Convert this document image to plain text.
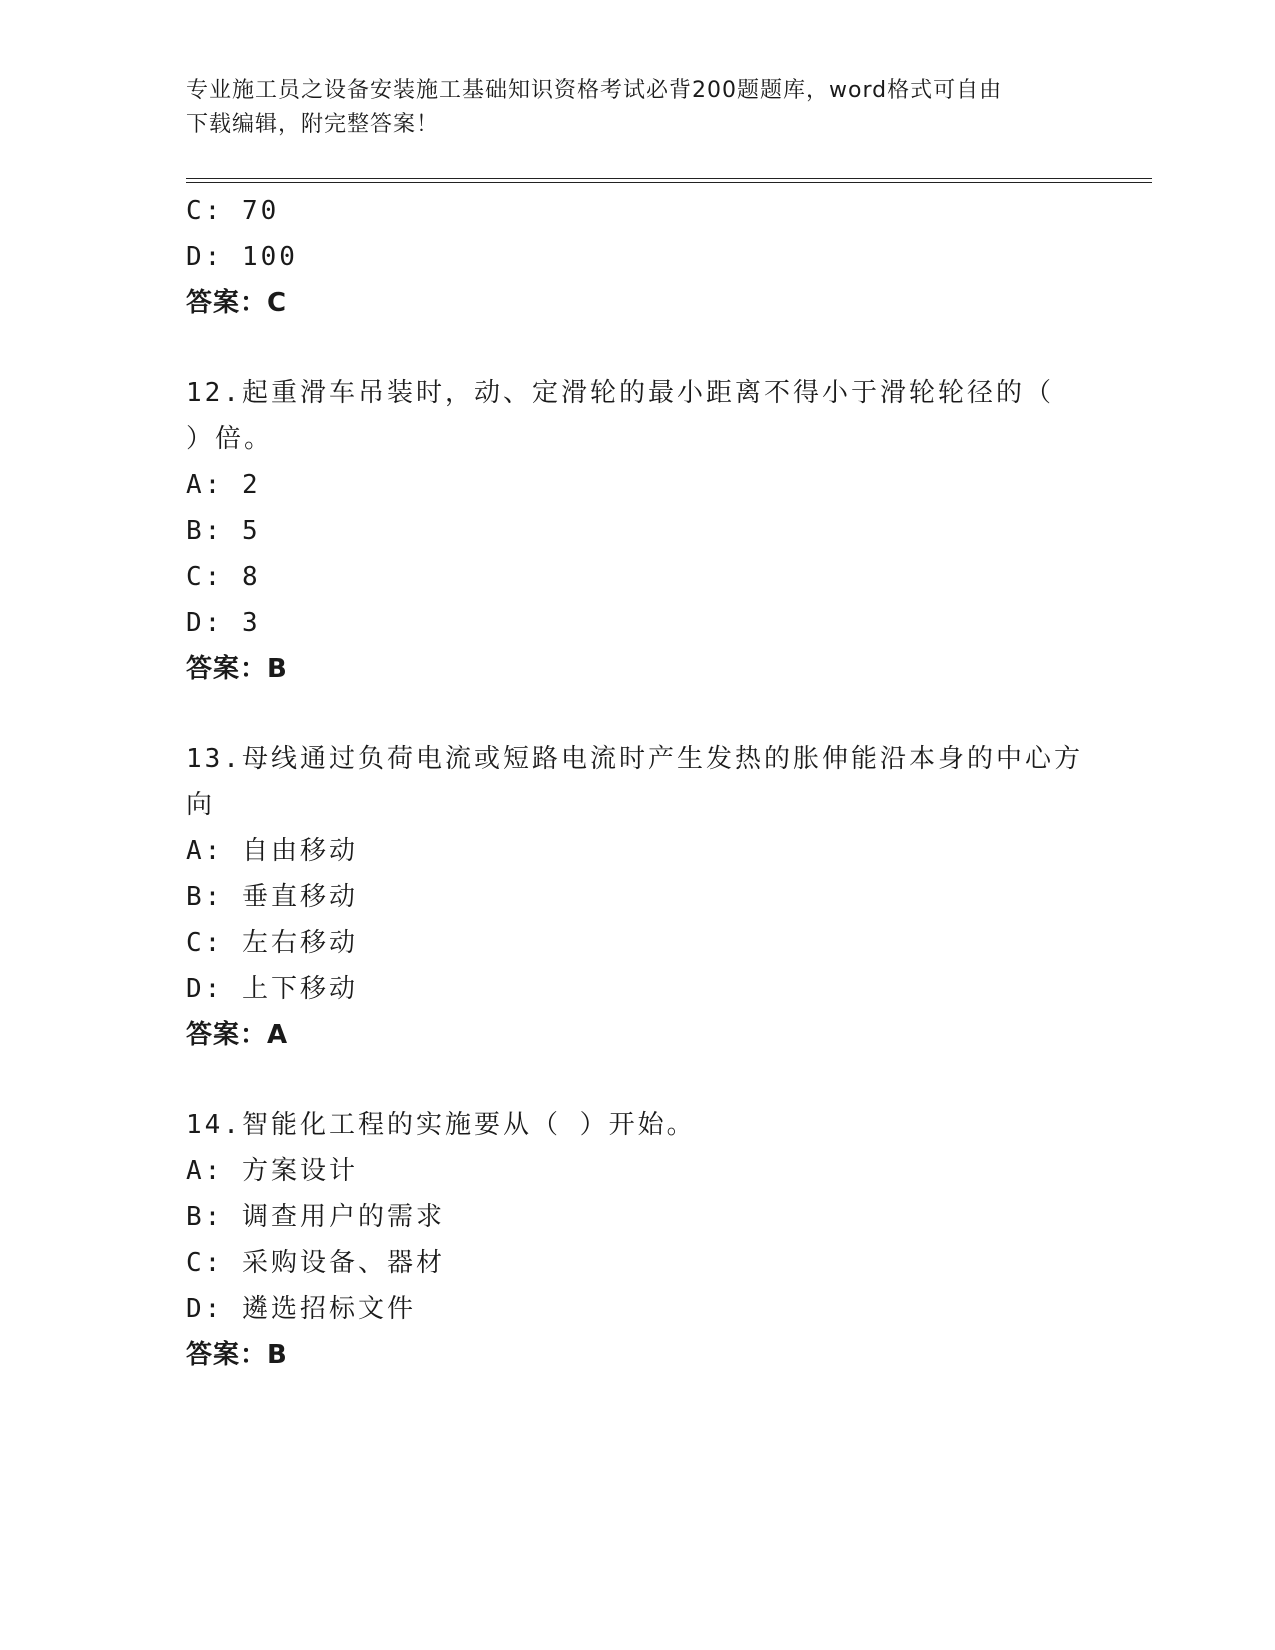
专业施工员之设备安装施工基础知识资格考试必背200题题库，word格式可自由
下载编辑，附完整答案！
C: 70
D: 100
答案：C
12.起重滑车吊装时，动、定滑轮的最小距离不得小于滑轮轮径的（
）倍。
A: 2
B: 5
C: 8
D: 3
答案：B
13.母线通过负荷电流或短路电流时产生发热的胀伸能沿本身的中心方
向
A: 自由移动
B: 垂直移动
C: 左右移动
D: 上下移动
答案：A
14.智能化工程的实施要从（ ）开始。
A: 方案设计
B: 调查用户的需求
C: 采购设备、器材
D: 遴选招标文件
答案：B
